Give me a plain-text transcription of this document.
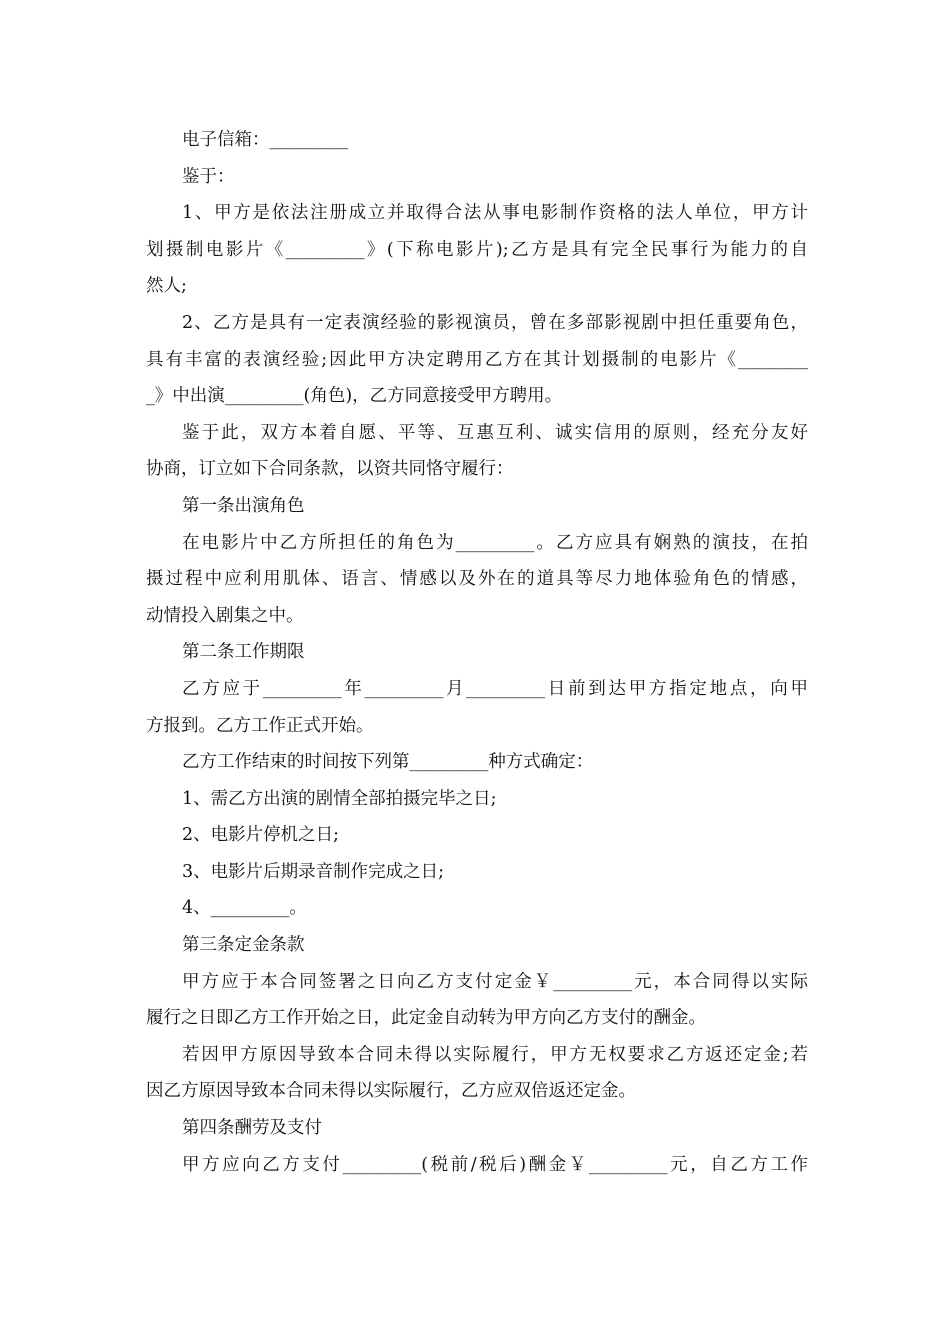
电子信箱：_________
鉴于：
1、甲方是依法注册成立并取得合法从事电影制作资格的法人单位，甲方计
划摄制电影片《_________》(下称电影片);乙方是具有完全民事行为能力的自
然人;
2、乙方是具有一定表演经验的影视演员，曾在多部影视剧中担任重要角色，
具有丰富的表演经验;因此甲方决定聘用乙方在其计划摄制的电影片《________
_》中出演_________(角色)，乙方同意接受甲方聘用。
鉴于此，双方本着自愿、平等、互惠互利、诚实信用的原则，经充分友好
协商，订立如下合同条款，以资共同恪守履行：
第一条出演角色
在电影片中乙方所担任的角色为_________。乙方应具有娴熟的演技，在拍
摄过程中应利用肌体、语言、情感以及外在的道具等尽力地体验角色的情感，
动情投入剧集之中。
第二条工作期限
乙方应于_________年_________月_________日前到达甲方指定地点，向甲
方报到。乙方工作正式开始。
乙方工作结束的时间按下列第_________种方式确定：
1、需乙方出演的剧情全部拍摄完毕之日;
2、电影片停机之日;
3、电影片后期录音制作完成之日;
4、_________。
第三条定金条款
甲方应于本合同签署之日向乙方支付定金￥_________元，本合同得以实际
履行之日即乙方工作开始之日，此定金自动转为甲方向乙方支付的酬金。
若因甲方原因导致本合同未得以实际履行，甲方无权要求乙方返还定金;若
因乙方原因导致本合同未得以实际履行，乙方应双倍返还定金。
第四条酬劳及支付
甲方应向乙方支付_________(税前/税后)酬金￥_________元，自乙方工作
